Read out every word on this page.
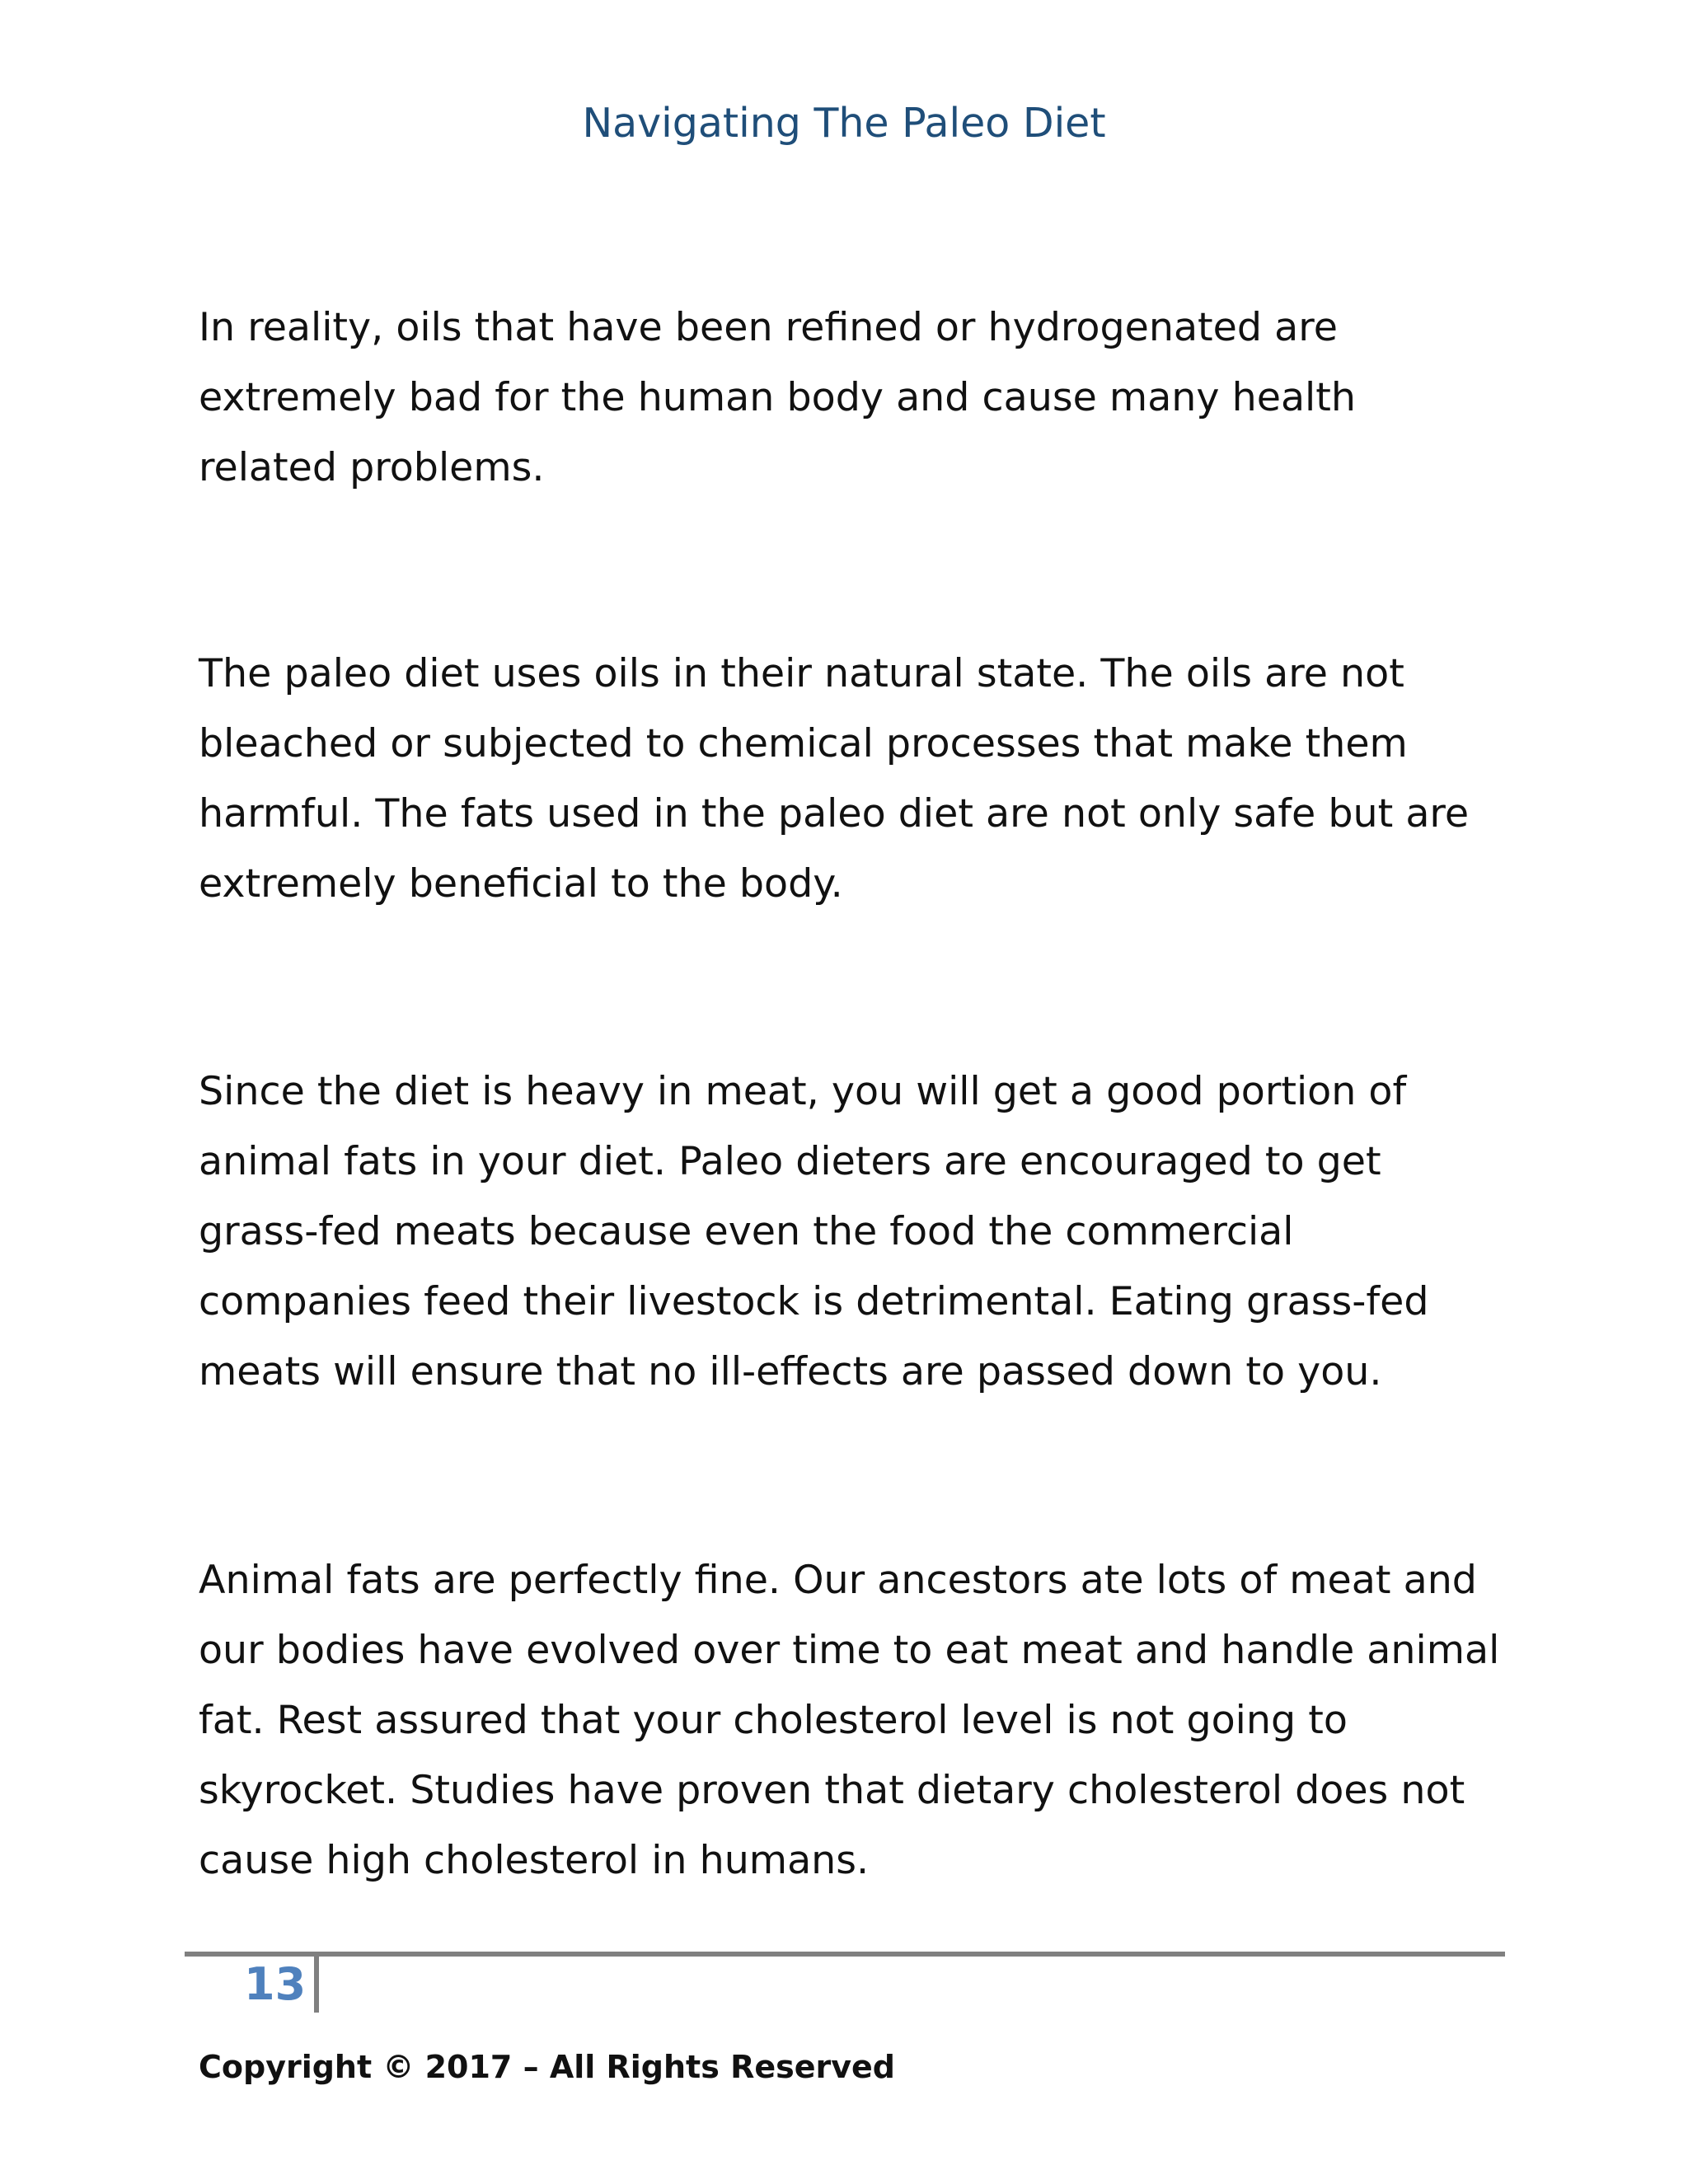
Navigating The Paleo Diet
In reality, oils that have been refined or hydrogenated are
extremely bad for the human body and cause many health
related problems.
The paleo diet uses oils in their natural state. The oils are not
bleached or subjected to chemical processes that make them
harmful. The fats used in the paleo diet are not only safe but are
extremely beneficial to the body.
Since the diet is heavy in meat, you will get a good portion of
animal fats in your diet. Paleo dieters are encouraged to get
grass-fed meats because even the food the commercial
companies feed their livestock is detrimental. Eating grass-fed
meats will ensure that no ill-effects are passed down to you.
Animal fats are perfectly fine. Our ancestors ate lots of meat and
our bodies have evolved over time to eat meat and handle animal
fat. Rest assured that your cholesterol level is not going to
skyrocket. Studies have proven that dietary cholesterol does not
cause high cholesterol in humans.
13
Copyright © 2017 – All Rights Reserved
